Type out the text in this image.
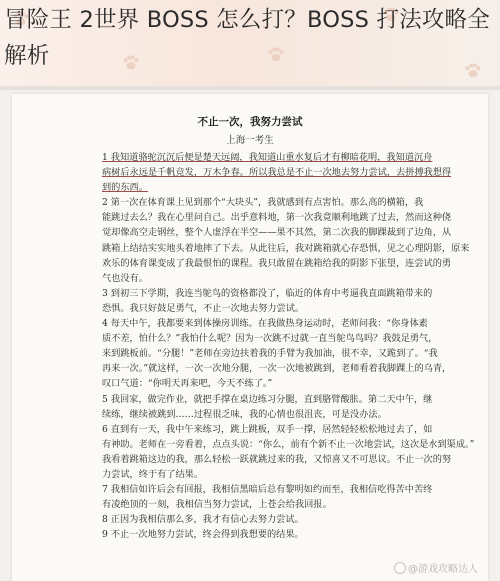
冒险王 2世界 BOSS 怎么打？BOSS 打法攻略全解析
不止一次，我努力尝试
上海一考生
1 我知道骆驼沉沉后便是楚天远阔，我知道山重水复后才有柳暗花明，我知道沉舟
病树后永远是千帆竞发，万木争春。所以我总是不止一次地去努力尝试，去拼搏我想得
到的东西。
2 第一次在体育课上见到那个“大块头”，我就感到有点害怕。那么高的横箱，我
能跳过去么？我在心里问自己。出乎意料地，第一次我竟顺利地跳了过去，然而这种侥
觉却像高空走钢丝，整个人虚浮在半空——果不其然，第二次我的脚踝裁到了边角，从
跳箱上结结实实地头着地摔了下去。从此往后，我对跳箱就心存恐惧，见之心理阴影，原来
欢乐的体育课变成了我最恨怕的课程。我只敢留在跳箱给我的阴影下张望，连尝试的勇
气也没有。
3 到初三下学期，我连当鸵鸟的资格都没了，临近的体育中考逼我直面跳箱带来的
恐惧。我只好鼓足勇气，不止一次地去努力尝试。
4 每天中午，我都要来到体操房训练。在我做热身运动时，老师问我：“你身体素
质不差，怕什么？”我怕什么呢？因为一次跳不过就一直当鸵鸟鸟吗？我鼓足勇气，
来到跳板前。“分腿！”老师在旁边扶着我的手臂为我加油，很不幸，又跪到了。“我
再来一次。”就这样，一次一次地分腿，一次一次地被跳到，老师看着我脚踝上的乌青，
叹口气道：“你明天再来吧，今天不练了。”
5 我回家，做完作业，就把手撑在桌边练习分腿，直到胳臂酸胀。第二天中午，继
续练，继续被跳到……过程很乏味，我的心情也很沮丧，可是没办法。
6 直到有一天，我中午来练习，跳上跳板，双手一撑，居然轻轻松松地过去了，如
有神助。老师在一旁看着，点点头说：“你么，前有个新不止一次地尝试，这次是水到渠成。”
我看着跳箱这边的我，那么轻松一跃就跳过来的我，又惊喜又不可思议。不止一次的努
力尝试，终于有了结果。
7 我相信如许后会有回报，我相信黑暗后总有黎明如约而至，我相信吃得苦中苦终
有凌绝顶的一刻，我相信当努力尝试，上苍会给我回报。
8 正因为我相信那么多，我才有信心去努力尝试。
9 不止一次地努力尝试，终会得到我想要的结果。
@游戏攻略达人
